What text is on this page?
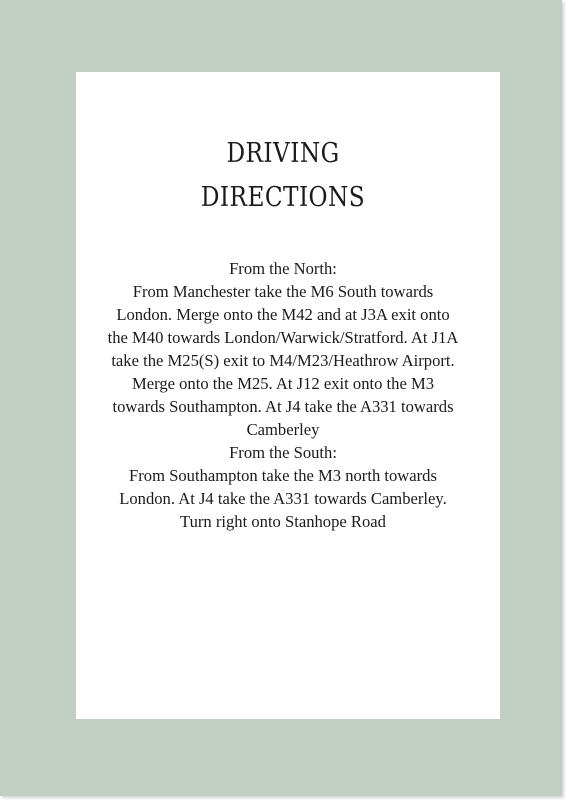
DRIVING
DIRECTIONS

From the North:

From Manchester take the M6 South towards London. Merge onto the M42 and at J3A exit onto the M40 towards London/Warwick/Stratford. At J1A take the M25(S) exit to M4/M23/Heathrow Airport. Merge onto the M25. At J12 exit onto the M3 towards Southampton. At J4 take the A331 towards Camberley

From the South:

From Southampton take the M3 north towards London. At J4 take the A331 towards Camberley. Turn right onto Stanhope Road
